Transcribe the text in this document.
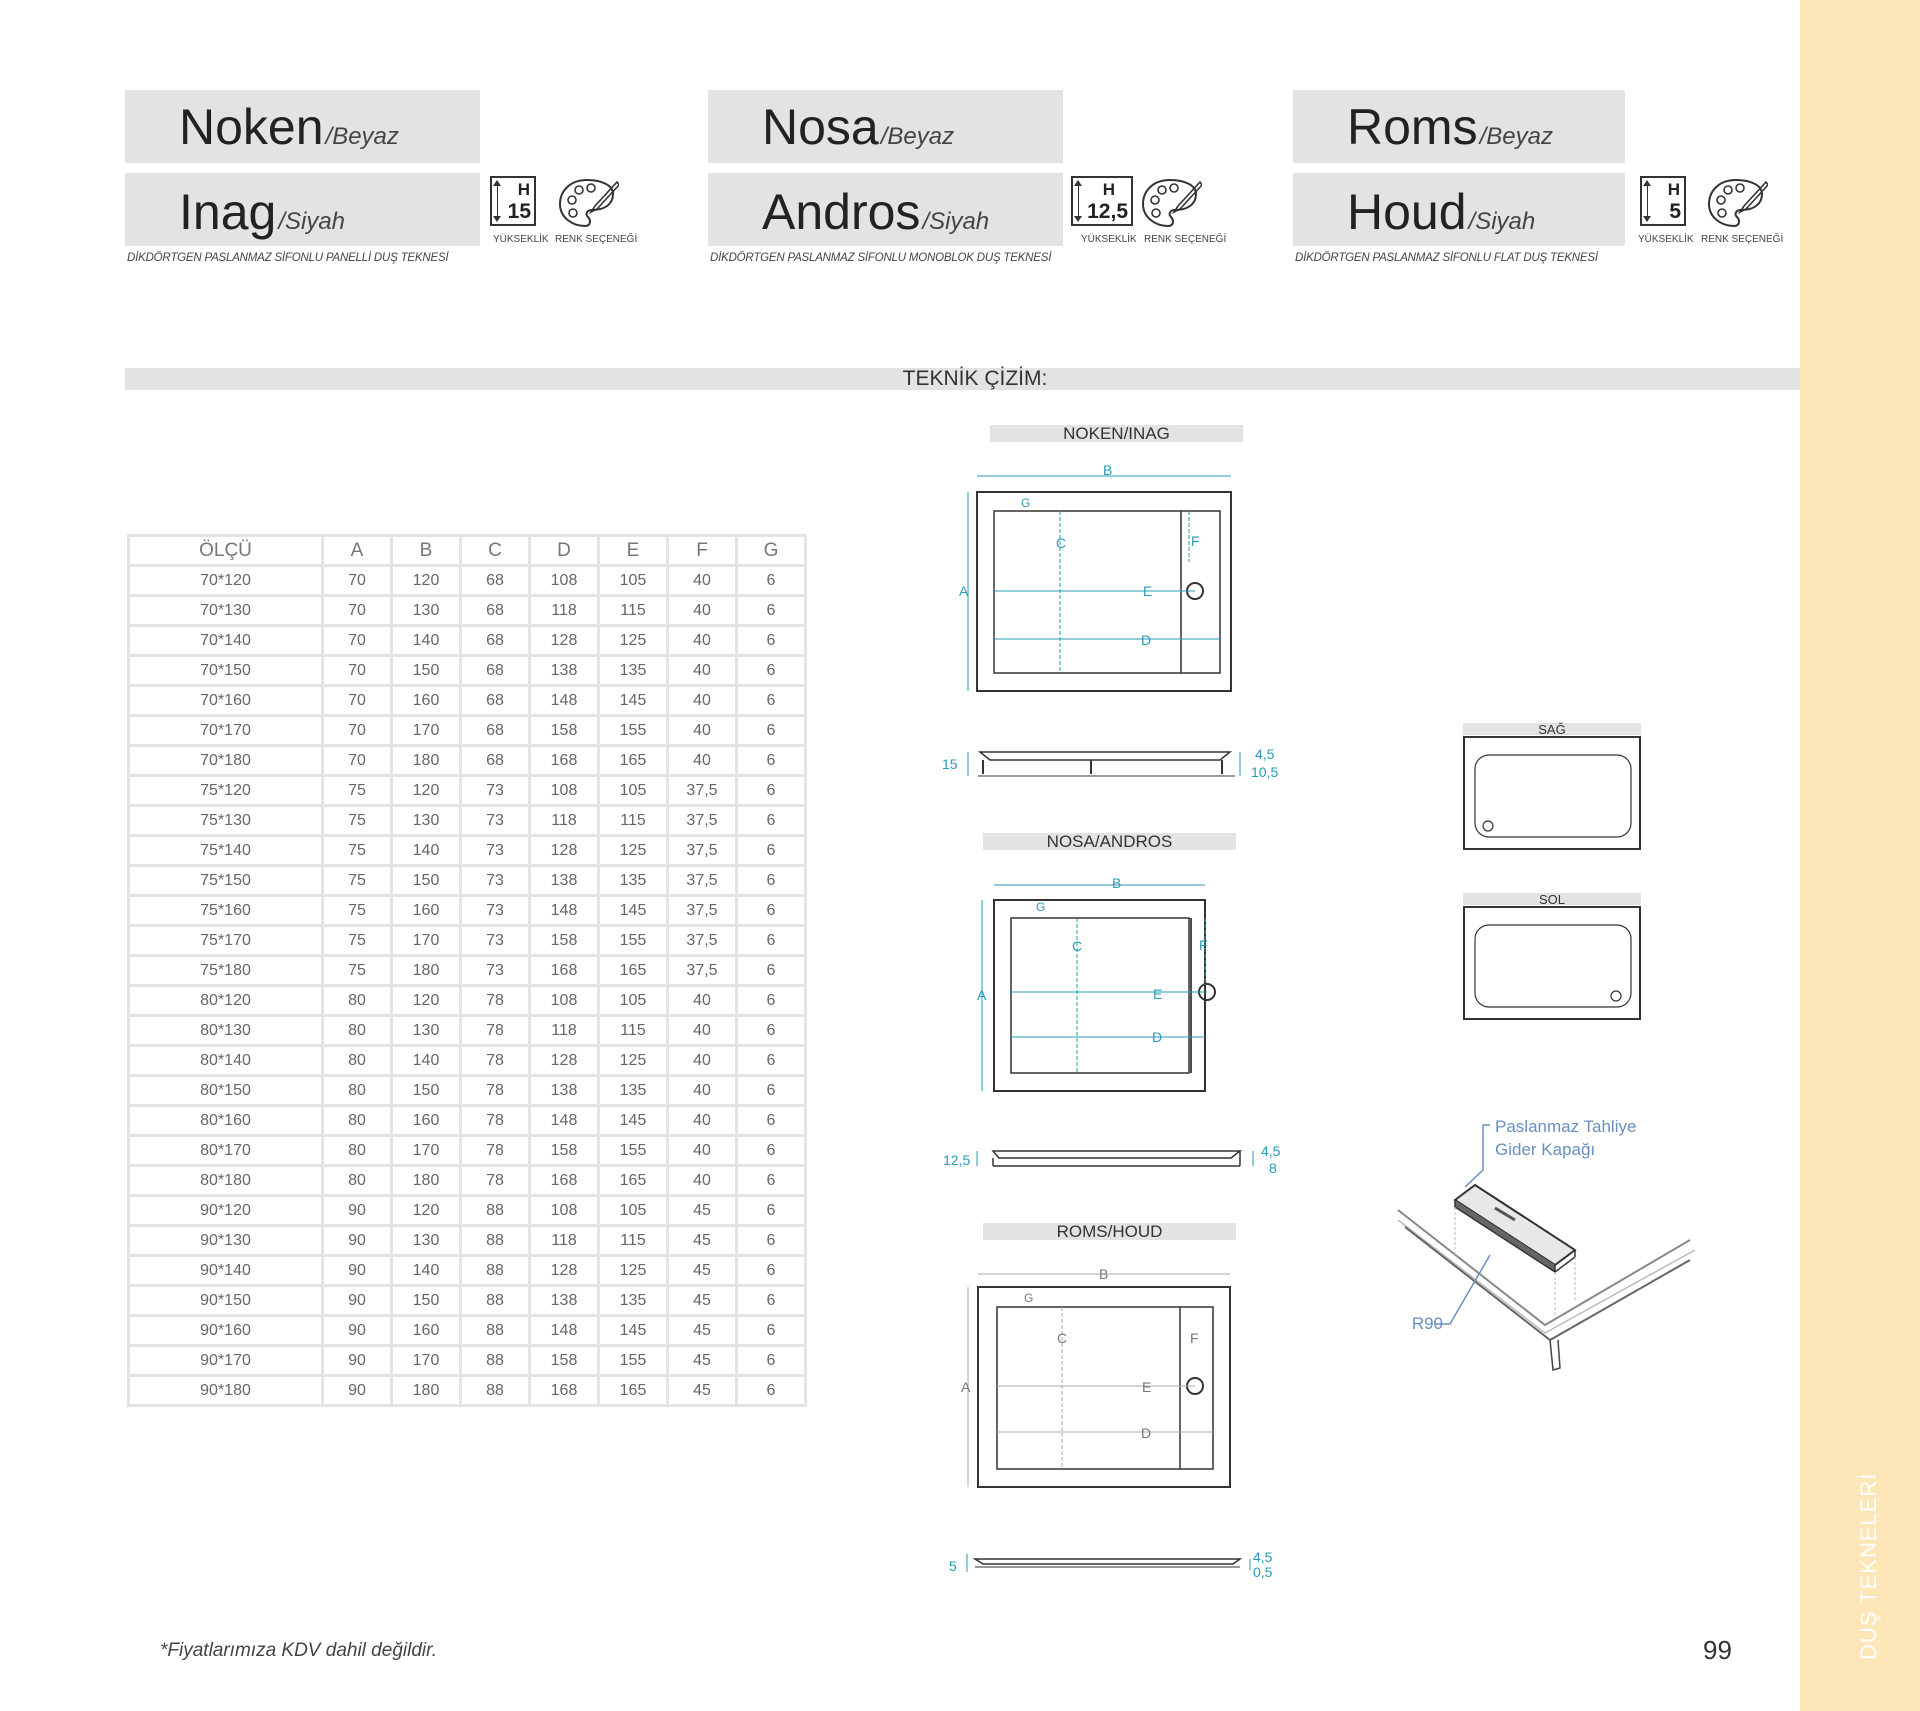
DUŞ TEKNELERİ
Noken/Beyaz
Inag/Siyah
DİKDÖRTGEN PASLANMAZ SİFONLU PANELLİ DUŞ TEKNESİ
H
15
YÜKSEKLİK RENK SEÇENEĞİ
Nosa/Beyaz
Andros/Siyah
DİKDÖRTGEN PASLANMAZ SİFONLU MONOBLOK DUŞ TEKNESİ
H
12,5
YÜKSEKLİK RENK SEÇENEĞİ
Roms/Beyaz
Houd/Siyah
DİKDÖRTGEN PASLANMAZ SİFONLU FLAT DUŞ TEKNESİ
H
5
YÜKSEKLİK RENK SEÇENEĞİ
TEKNİK ÇİZİM:
ÖLÇÜ	A	B	C	D	E	F	G
70*120	70	120	68	108	105	40	6
70*130	70	130	68	118	115	40	6
70*140	70	140	68	128	125	40	6
70*150	70	150	68	138	135	40	6
70*160	70	160	68	148	145	40	6
70*170	70	170	68	158	155	40	6
70*180	70	180	68	168	165	40	6
75*120	75	120	73	108	105	37,5	6
75*130	75	130	73	118	115	37,5	6
75*140	75	140	73	128	125	37,5	6
75*150	75	150	73	138	135	37,5	6
75*160	75	160	73	148	145	37,5	6
75*170	75	170	73	158	155	37,5	6
75*180	75	180	73	168	165	37,5	6
80*120	80	120	78	108	105	40	6
80*130	80	130	78	118	115	40	6
80*140	80	140	78	128	125	40	6
80*150	80	150	78	138	135	40	6
80*160	80	160	78	148	145	40	6
80*170	80	170	78	158	155	40	6
80*180	80	180	78	168	165	40	6
90*120	90	120	88	108	105	45	6
90*130	90	130	88	118	115	45	6
90*140	90	140	88	128	125	45	6
90*150	90	150	88	138	135	45	6
90*160	90	160	88	148	145	45	6
90*170	90	170	88	158	155	45	6
90*180	90	180	88	168	165	45	6
NOKEN/INAG
NOSA/ANDROS
ROMS/HOUD
SAĞ
SOL
B
A
C
D
E
F
G
15
4,5
10,5
B
A
C
D
E
F
G
12,5
4,5
8
B
A
C
D
E
F
G
5
4,5
0,5
Paslanmaz Tahliye
Gider Kapağı
R90
*Fiyatlarımıza KDV dahil değildir.	99
